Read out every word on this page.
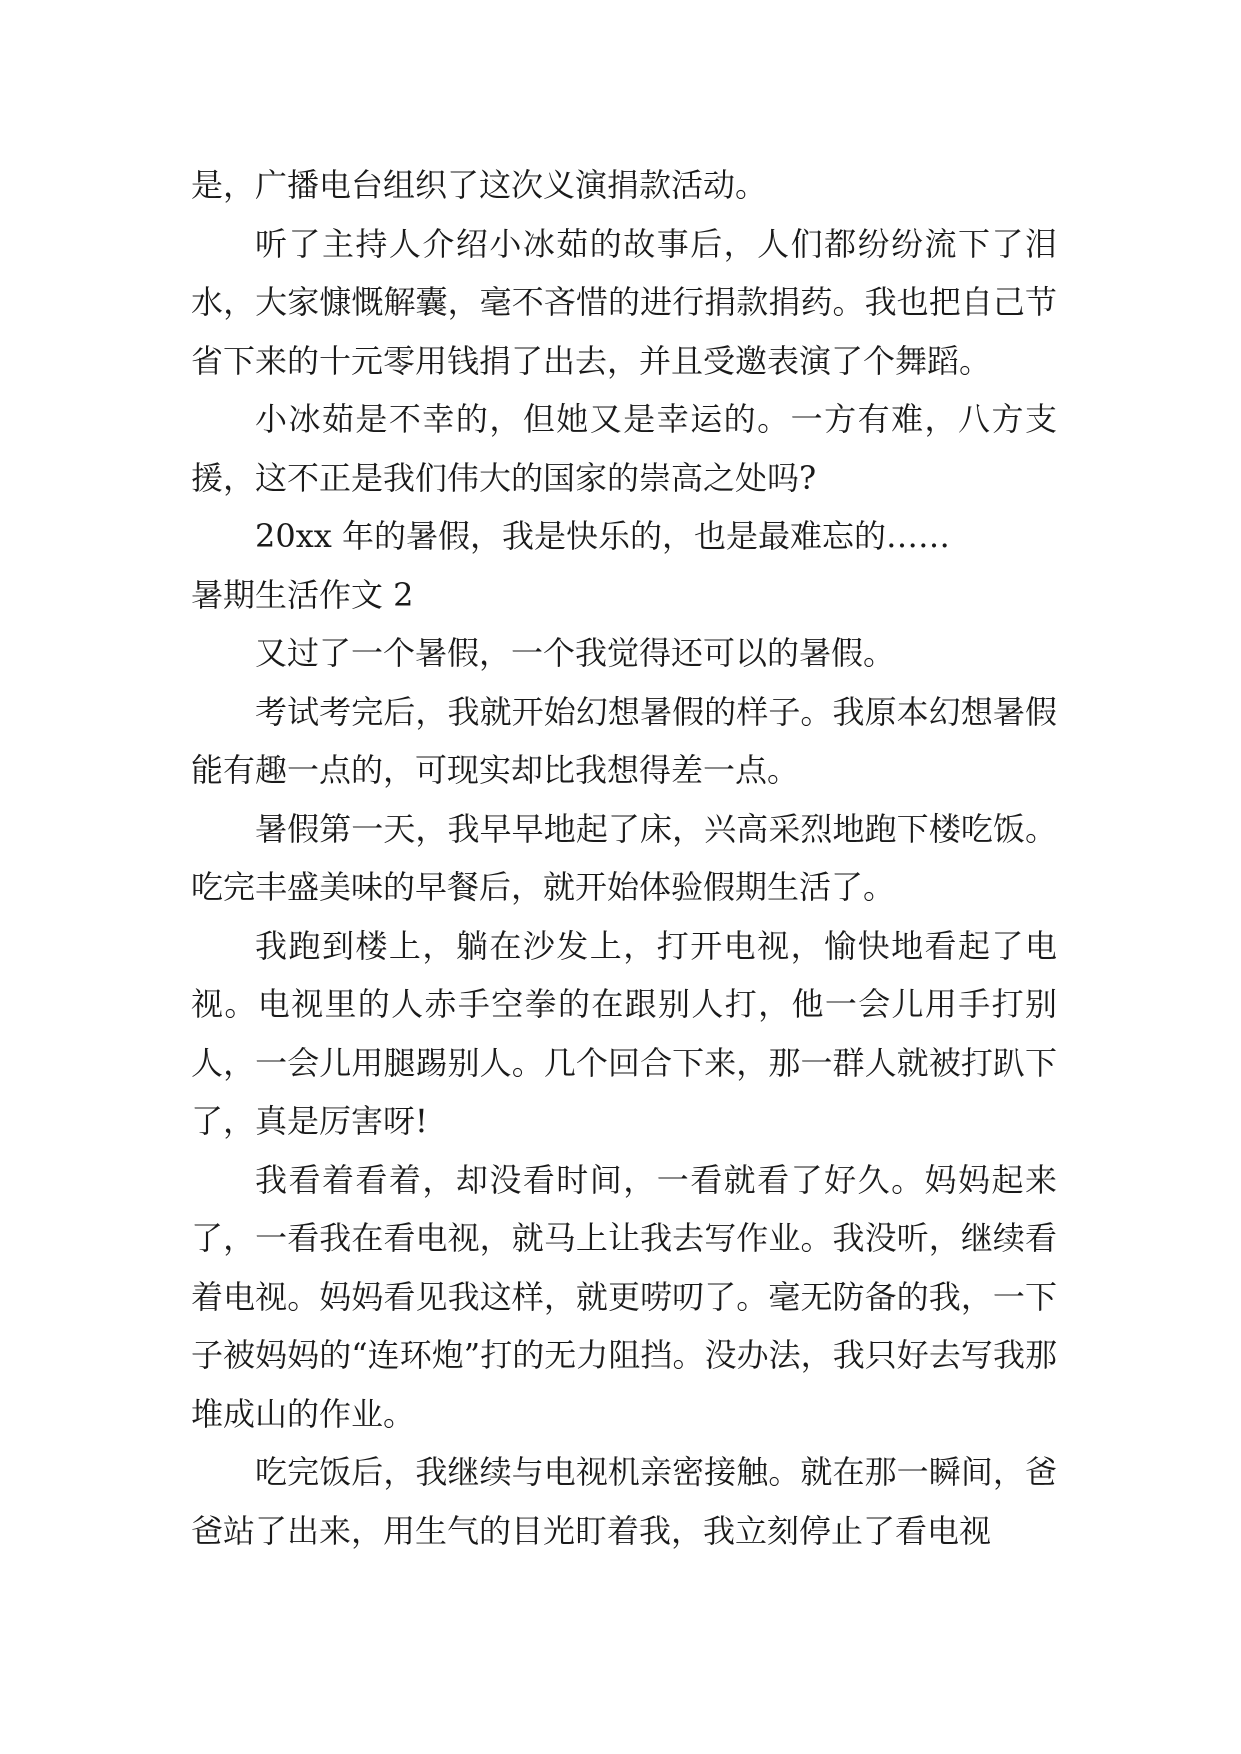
是，广播电台组织了这次义演捐款活动。

听了主持人介绍小冰茹的故事后，人们都纷纷流下了泪水，大家慷慨解囊，毫不吝惜的进行捐款捐药。我也把自己节省下来的十元零用钱捐了出去，并且受邀表演了个舞蹈。

小冰茹是不幸的，但她又是幸运的。一方有难，八方支援，这不正是我们伟大的国家的崇高之处吗?

20xx 年的暑假，我是快乐的，也是最难忘的……

暑期生活作文 2

又过了一个暑假，一个我觉得还可以的暑假。

考试考完后，我就开始幻想暑假的样子。我原本幻想暑假能有趣一点的，可现实却比我想得差一点。

暑假第一天，我早早地起了床，兴高采烈地跑下楼吃饭。吃完丰盛美味的早餐后，就开始体验假期生活了。

我跑到楼上，躺在沙发上，打开电视，愉快地看起了电视。电视里的人赤手空拳的在跟别人打，他一会儿用手打别人，一会儿用腿踢别人。几个回合下来，那一群人就被打趴下了，真是厉害呀!

我看着看着，却没看时间，一看就看了好久。妈妈起来了，一看我在看电视，就马上让我去写作业。我没听，继续看着电视。妈妈看见我这样，就更唠叨了。毫无防备的我，一下子被妈妈的“连环炮”打的无力阻挡。没办法，我只好去写我那堆成山的作业。

吃完饭后，我继续与电视机亲密接触。就在那一瞬间，爸爸站了出来，用生气的目光盯着我，我立刻停止了看电视
